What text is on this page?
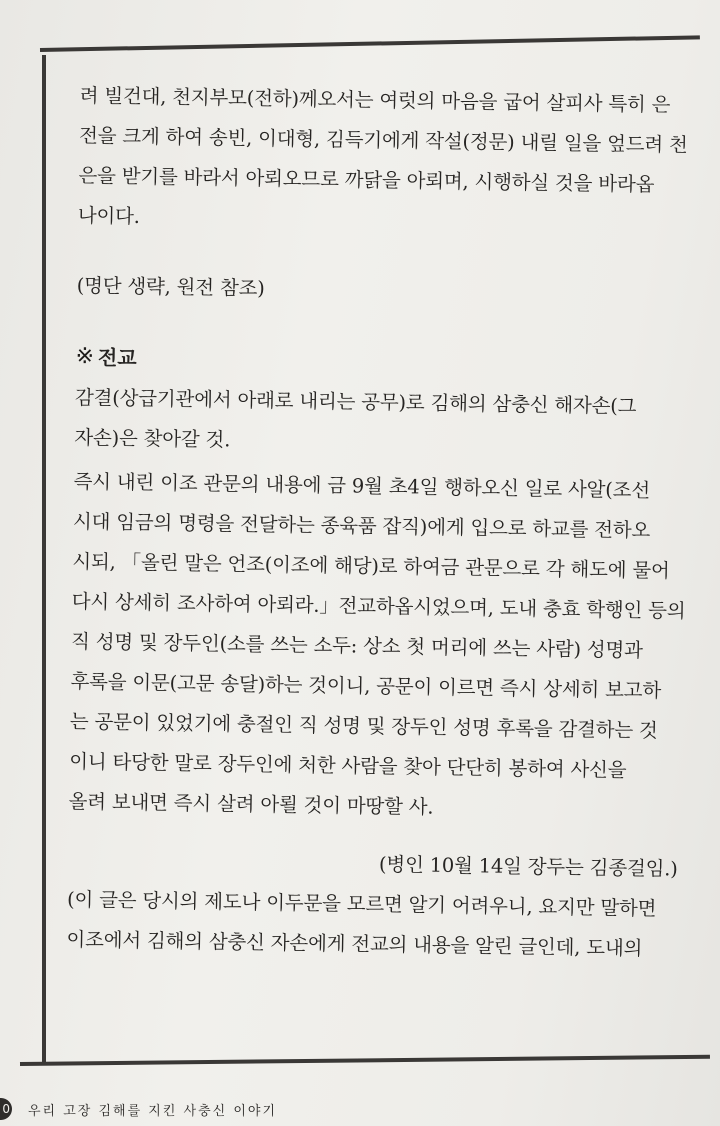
려 빌건대, 천지부모(전하)께오서는 여럿의 마음을 굽어 살피사 특히 은
전을 크게 하여 송빈, 이대형, 김득기에게 작설(정문) 내릴 일을 엎드려 천
은을 받기를 바라서 아뢰오므로 까닭을 아뢰며, 시행하실 것을 바라옵
나이다.

(명단 생략, 원전 참조)

※ 전교

감결(상급기관에서 아래로 내리는 공무)로 김해의 삼충신 해자손(그
자손)은 찾아갈 것.

즉시 내린 이조 관문의 내용에 금 9월 초4일 행하오신 일로 사알(조선
시대 임금의 명령을 전달하는 종육품 잡직)에게 입으로 하교를 전하오
시되, 「올린 말은 언조(이조에 해당)로 하여금 관문으로 각 해도에 물어
다시 상세히 조사하여 아뢰라.」전교하옵시었으며, 도내 충효 학행인 등의
직 성명 및 장두인(소를 쓰는 소두: 상소 첫 머리에 쓰는 사람) 성명과
후록을 이문(고문 송달)하는 것이니, 공문이 이르면 즉시 상세히 보고하
는 공문이 있었기에 충절인 직 성명 및 장두인 성명 후록을 감결하는 것
이니 타당한 말로 장두인에 처한 사람을 찾아 단단히 봉하여 사신을
올려 보내면 즉시 살려 아뢸 것이 마땅할 사.

(병인 10월 14일 장두는 김종걸임.)

(이 글은 당시의 제도나 이두문을 모르면 알기 어려우니, 요지만 말하면
이조에서 김해의 삼충신 자손에게 전교의 내용을 알린 글인데, 도내의

0 우리 고장 김해를 지킨 사충신 이야기
